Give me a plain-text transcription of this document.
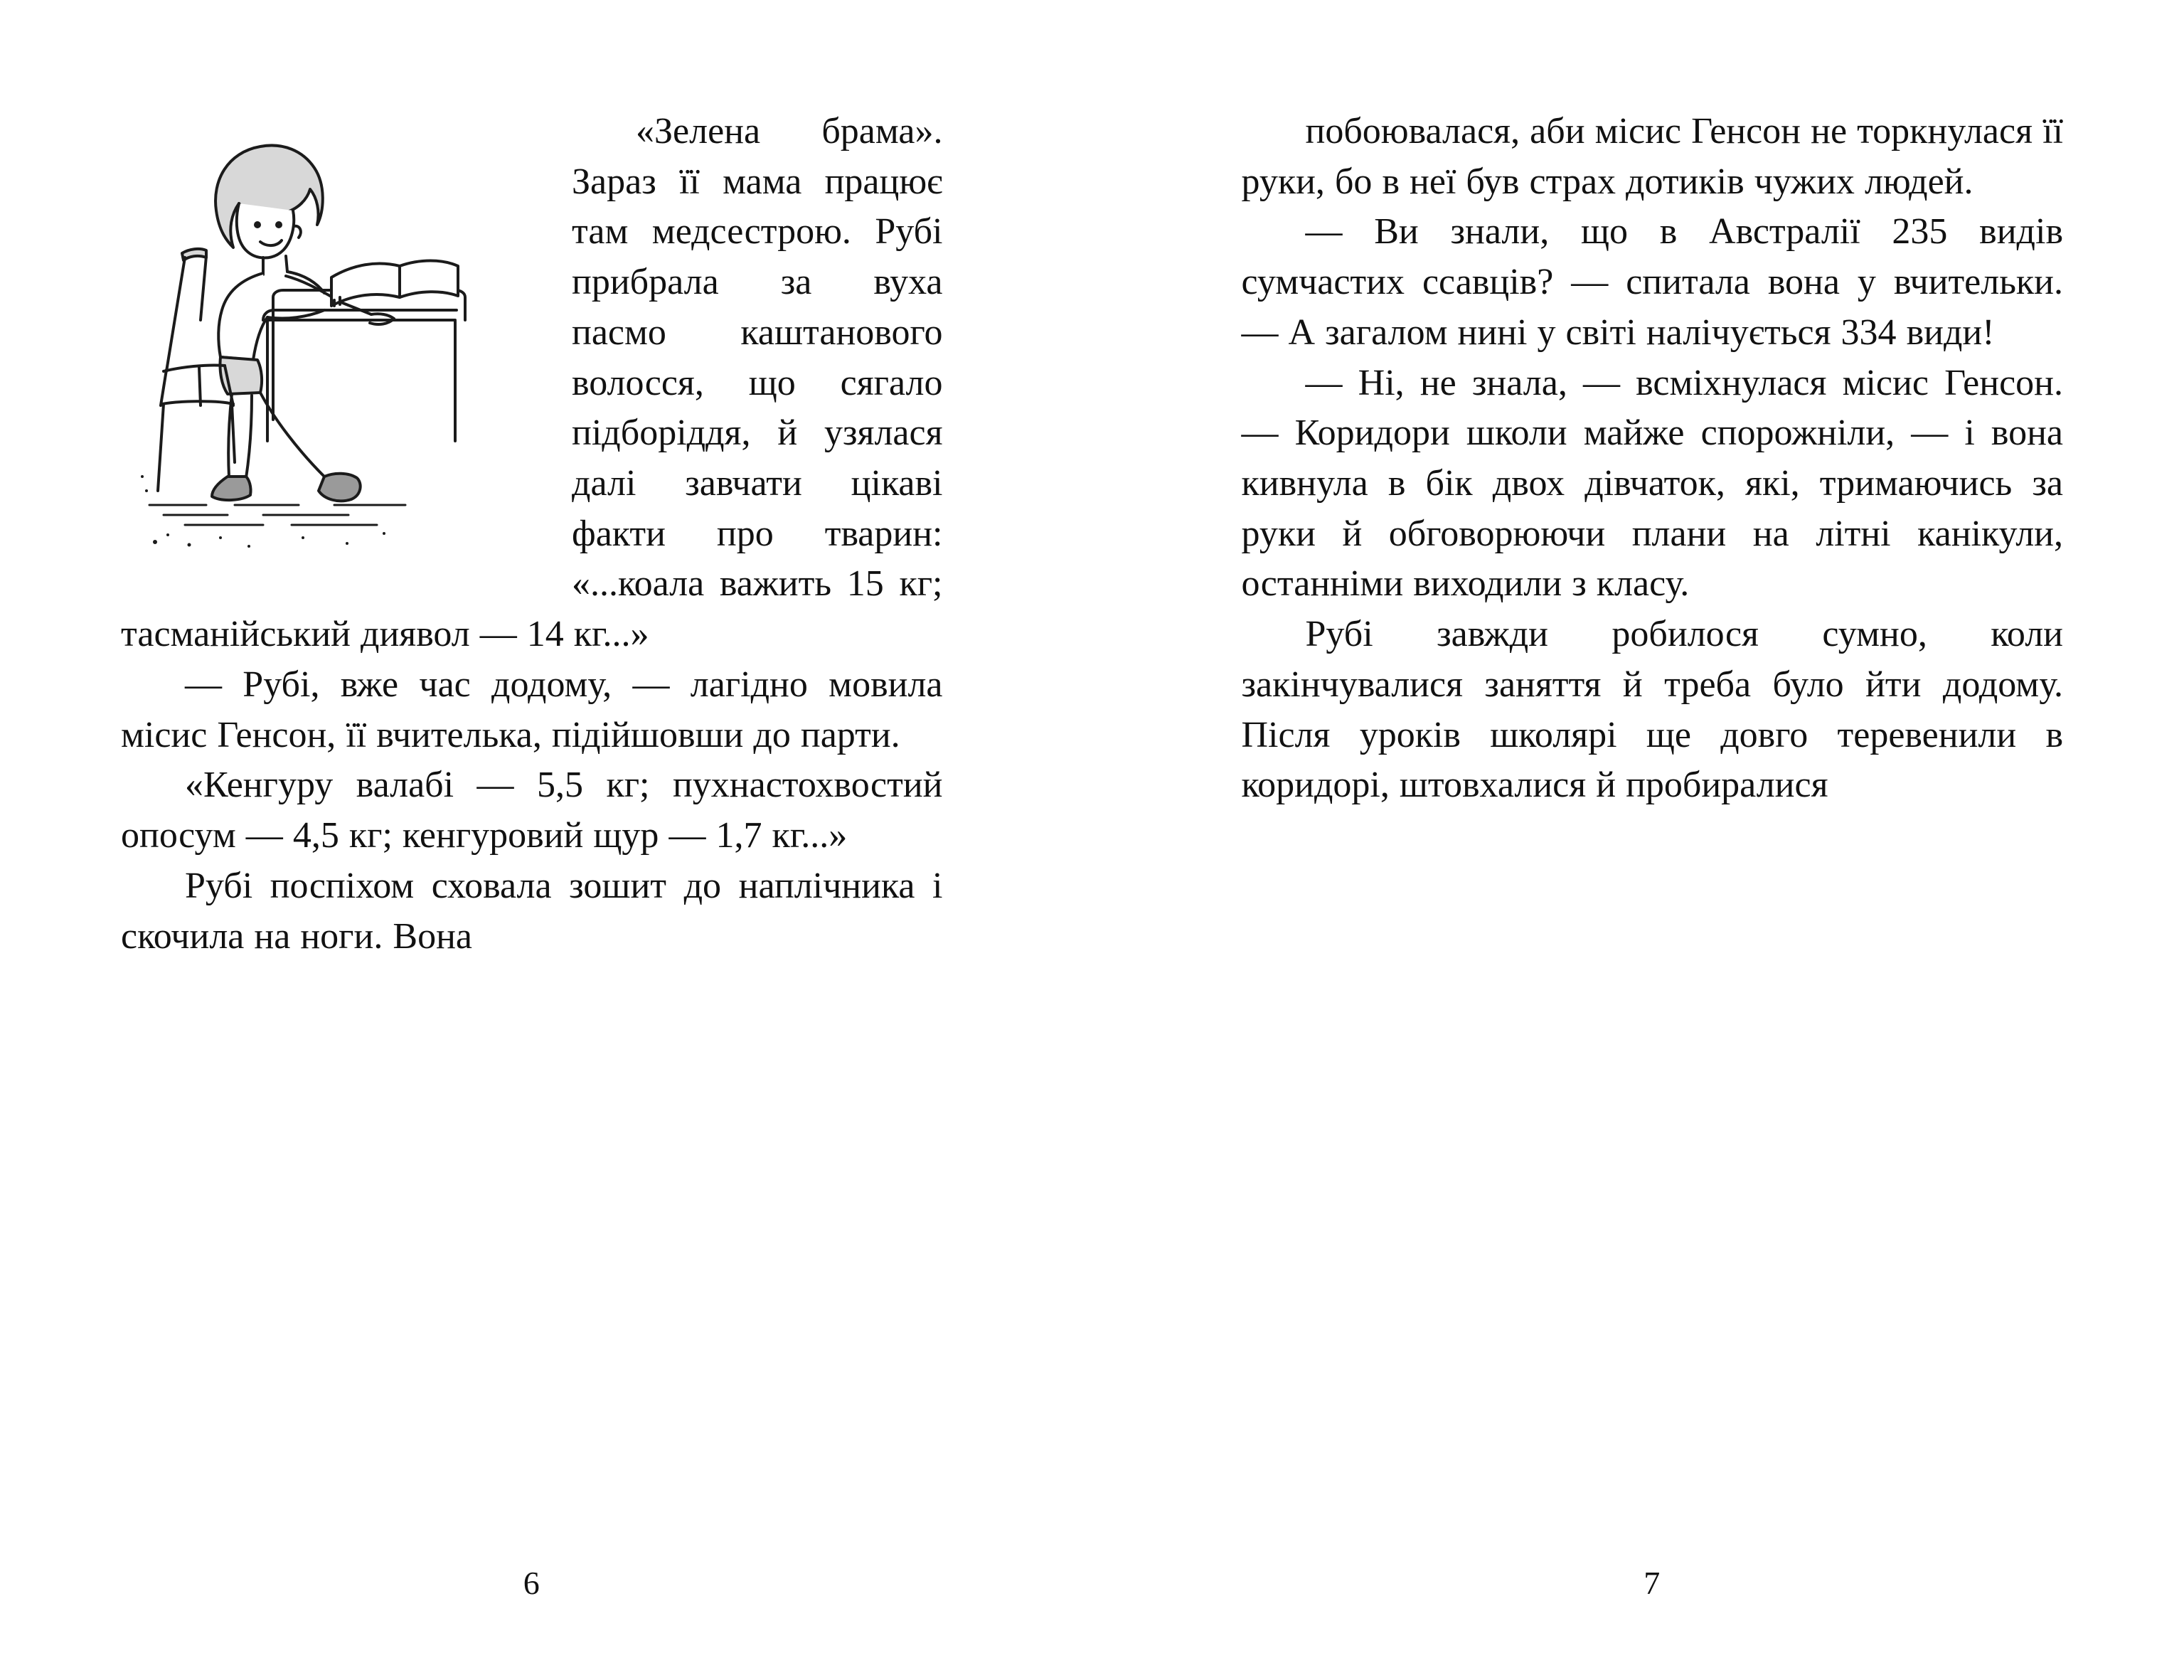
«Зелена брама». Зараз її мама працює там медсестрою. Рубі прибрала за вуха пасмо каштанового волосся, що сягало підборіддя, й узялася далі завчати цікаві факти про тварин: «...коала важить 15 кг; тасманійський диявол — 14 кг...»

— Рубі, вже час додому, — лагідно мовила місис Генсон, її вчителька, підійшовши до парти.

«Кенгуру валабі — 5,5 кг; пухнастохвостий опосум — 4,5 кг; кенгуровий щур — 1,7 кг...»

Рубі поспіхом сховала зошит до наплічника і скочила на ноги. Вона

6

побоювалася, аби місис Генсон не торкнулася її руки, бо в неї був страх дотиків чужих людей.

— Ви знали, що в Австралії 235 видів сумчастих ссавців? — спитала вона у вчительки. — А загалом нині у світі налічується 334 види!

— Ні, не знала, — всміхнулася місис Генсон. — Коридори школи майже спорожніли, — і вона кивнула в бік двох дівчаток, які, тримаючись за руки й обговорюючи плани на літні канікули, останніми виходили з класу.

Рубі завжди робилося сумно, коли закінчувалися заняття й треба було йти додому. Після уроків школярі ще довго теревенили в коридорі, штовхалися й пробиралися

7
